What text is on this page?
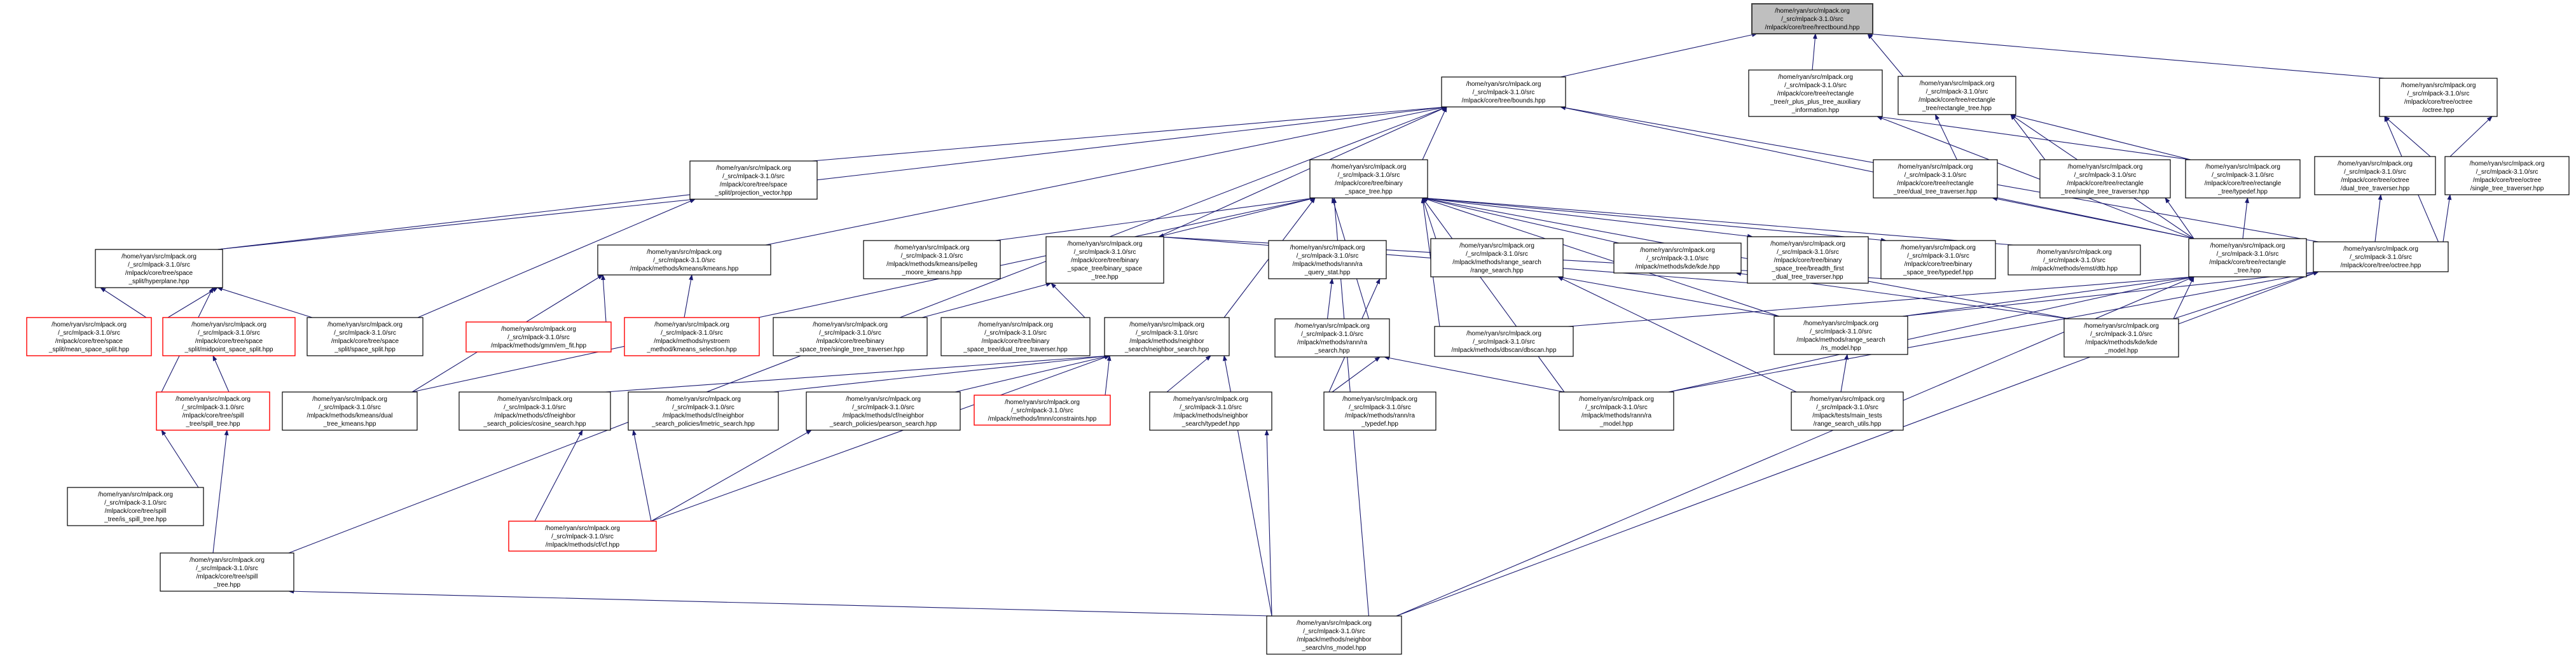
/home/ryan/src/mlpack.org
/_src/mlpack-3.1.0/src
/mlpack/core/tree/hrectbound.hpp
/home/ryan/src/mlpack.org
/_src/mlpack-3.1.0/src
/mlpack/core/tree/bounds.hpp
/home/ryan/src/mlpack.org
/_src/mlpack-3.1.0/src
/mlpack/core/tree/rectangle
_tree/r_plus_plus_tree_auxiliary
_information.hpp
/home/ryan/src/mlpack.org
/_src/mlpack-3.1.0/src
/mlpack/core/tree/rectangle
_tree/rectangle_tree.hpp
/home/ryan/src/mlpack.org
/_src/mlpack-3.1.0/src
/mlpack/core/tree/octree
/octree.hpp
/home/ryan/src/mlpack.org
/_src/mlpack-3.1.0/src
/mlpack/core/tree/space
_split/projection_vector.hpp
/home/ryan/src/mlpack.org
/_src/mlpack-3.1.0/src
/mlpack/core/tree/binary
_space_tree.hpp
/home/ryan/src/mlpack.org
/_src/mlpack-3.1.0/src
/mlpack/core/tree/rectangle
_tree/dual_tree_traverser.hpp
/home/ryan/src/mlpack.org
/_src/mlpack-3.1.0/src
/mlpack/core/tree/rectangle
_tree/single_tree_traverser.hpp
/home/ryan/src/mlpack.org
/_src/mlpack-3.1.0/src
/mlpack/core/tree/rectangle
_tree/typedef.hpp
/home/ryan/src/mlpack.org
/_src/mlpack-3.1.0/src
/mlpack/core/tree/octree
/dual_tree_traverser.hpp
/home/ryan/src/mlpack.org
/_src/mlpack-3.1.0/src
/mlpack/core/tree/octree
/single_tree_traverser.hpp
/home/ryan/src/mlpack.org
/_src/mlpack-3.1.0/src
/mlpack/core/tree/space
_split/hyperplane.hpp
/home/ryan/src/mlpack.org
/_src/mlpack-3.1.0/src
/mlpack/methods/kmeans/kmeans.hpp
/home/ryan/src/mlpack.org
/_src/mlpack-3.1.0/src
/mlpack/methods/kmeans/pelleg
_moore_kmeans.hpp
/home/ryan/src/mlpack.org
/_src/mlpack-3.1.0/src
/mlpack/core/tree/binary
_space_tree/binary_space
_tree.hpp
/home/ryan/src/mlpack.org
/_src/mlpack-3.1.0/src
/mlpack/methods/rann/ra
_query_stat.hpp
/home/ryan/src/mlpack.org
/_src/mlpack-3.1.0/src
/mlpack/methods/range_search
/range_search.hpp
/home/ryan/src/mlpack.org
/_src/mlpack-3.1.0/src
/mlpack/methods/kde/kde.hpp
/home/ryan/src/mlpack.org
/_src/mlpack-3.1.0/src
/mlpack/core/tree/binary
_space_tree/breadth_first
_dual_tree_traverser.hpp
/home/ryan/src/mlpack.org
/_src/mlpack-3.1.0/src
/mlpack/core/tree/binary
_space_tree/typedef.hpp
/home/ryan/src/mlpack.org
/_src/mlpack-3.1.0/src
/mlpack/methods/emst/dtb.hpp
/home/ryan/src/mlpack.org
/_src/mlpack-3.1.0/src
/mlpack/core/tree/rectangle
_tree.hpp
/home/ryan/src/mlpack.org
/_src/mlpack-3.1.0/src
/mlpack/core/tree/octree.hpp
/home/ryan/src/mlpack.org
/_src/mlpack-3.1.0/src
/mlpack/core/tree/space
_split/mean_space_split.hpp
/home/ryan/src/mlpack.org
/_src/mlpack-3.1.0/src
/mlpack/core/tree/space
_split/midpoint_space_split.hpp
/home/ryan/src/mlpack.org
/_src/mlpack-3.1.0/src
/mlpack/core/tree/space
_split/space_split.hpp
/home/ryan/src/mlpack.org
/_src/mlpack-3.1.0/src
/mlpack/methods/gmm/em_fit.hpp
/home/ryan/src/mlpack.org
/_src/mlpack-3.1.0/src
/mlpack/methods/nystroem
_method/kmeans_selection.hpp
/home/ryan/src/mlpack.org
/_src/mlpack-3.1.0/src
/mlpack/core/tree/binary
_space_tree/single_tree_traverser.hpp
/home/ryan/src/mlpack.org
/_src/mlpack-3.1.0/src
/mlpack/core/tree/binary
_space_tree/dual_tree_traverser.hpp
/home/ryan/src/mlpack.org
/_src/mlpack-3.1.0/src
/mlpack/methods/neighbor
_search/neighbor_search.hpp
/home/ryan/src/mlpack.org
/_src/mlpack-3.1.0/src
/mlpack/methods/rann/ra
_search.hpp
/home/ryan/src/mlpack.org
/_src/mlpack-3.1.0/src
/mlpack/methods/dbscan/dbscan.hpp
/home/ryan/src/mlpack.org
/_src/mlpack-3.1.0/src
/mlpack/methods/range_search
/rs_model.hpp
/home/ryan/src/mlpack.org
/_src/mlpack-3.1.0/src
/mlpack/methods/kde/kde
_model.hpp
/home/ryan/src/mlpack.org
/_src/mlpack-3.1.0/src
/mlpack/core/tree/spill
_tree/spill_tree.hpp
/home/ryan/src/mlpack.org
/_src/mlpack-3.1.0/src
/mlpack/methods/kmeans/dual
_tree_kmeans.hpp
/home/ryan/src/mlpack.org
/_src/mlpack-3.1.0/src
/mlpack/methods/cf/neighbor
_search_policies/cosine_search.hpp
/home/ryan/src/mlpack.org
/_src/mlpack-3.1.0/src
/mlpack/methods/cf/neighbor
_search_policies/lmetric_search.hpp
/home/ryan/src/mlpack.org
/_src/mlpack-3.1.0/src
/mlpack/methods/cf/neighbor
_search_policies/pearson_search.hpp
/home/ryan/src/mlpack.org
/_src/mlpack-3.1.0/src
/mlpack/methods/lmnn/constraints.hpp
/home/ryan/src/mlpack.org
/_src/mlpack-3.1.0/src
/mlpack/methods/neighbor
_search/typedef.hpp
/home/ryan/src/mlpack.org
/_src/mlpack-3.1.0/src
/mlpack/methods/rann/ra
_typedef.hpp
/home/ryan/src/mlpack.org
/_src/mlpack-3.1.0/src
/mlpack/methods/rann/ra
_model.hpp
/home/ryan/src/mlpack.org
/_src/mlpack-3.1.0/src
/mlpack/tests/main_tests
/range_search_utils.hpp
/home/ryan/src/mlpack.org
/_src/mlpack-3.1.0/src
/mlpack/core/tree/spill
_tree/is_spill_tree.hpp
/home/ryan/src/mlpack.org
/_src/mlpack-3.1.0/src
/mlpack/methods/cf/cf.hpp
/home/ryan/src/mlpack.org
/_src/mlpack-3.1.0/src
/mlpack/core/tree/spill
_tree.hpp
/home/ryan/src/mlpack.org
/_src/mlpack-3.1.0/src
/mlpack/methods/neighbor
_search/ns_model.hpp
